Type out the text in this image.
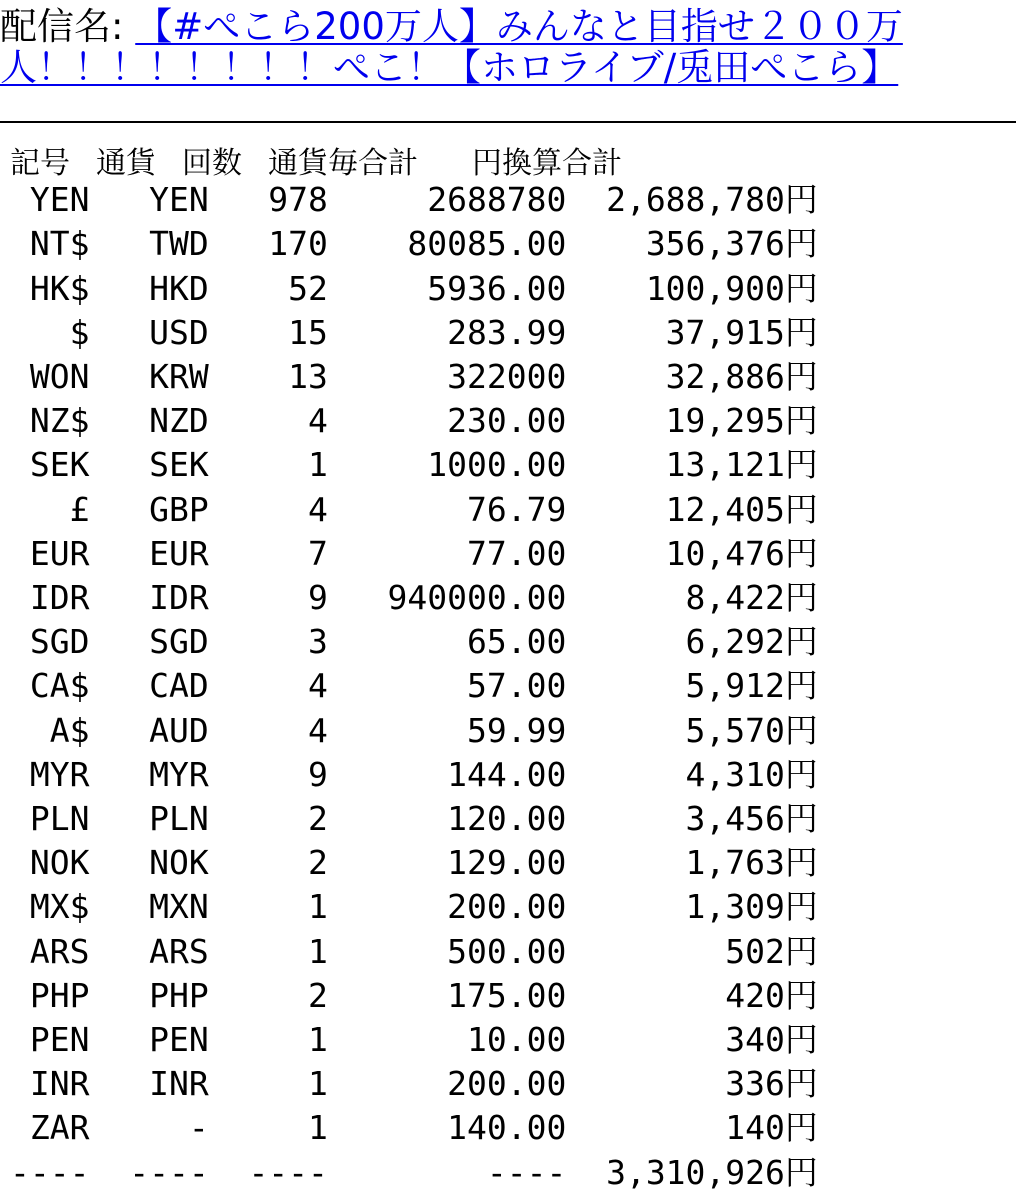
配信名: 【#ぺこら200万人】みんなと目指せ２００万人！！！！！！！！ぺこ！【ホロライブ/兎田ぺこら】
記号 通貨 回数 通貨毎合計 円換算合計

YEN   YEN   978     2688780  2,688,780円
NT$   TWD   170    80085.00    356,376円
HK$   HKD    52     5936.00    100,900円
$   USD    15      283.99     37,915円
WON   KRW    13      322000     32,886円
NZ$   NZD     4      230.00     19,295円
SEK   SEK     1     1000.00     13,121円
£   GBP     4       76.79     12,405円
EUR   EUR     7       77.00     10,476円
IDR   IDR     9   940000.00      8,422円
SGD   SGD     3       65.00      6,292円
CA$   CAD     4       57.00      5,912円
A$   AUD     4       59.99      5,570円
MYR   MYR     9      144.00      4,310円
PLN   PLN     2      120.00      3,456円
NOK   NOK     2      129.00      1,763円
MX$   MXN     1      200.00      1,309円
ARS   ARS     1      500.00        502円
PHP   PHP     2      175.00        420円
PEN   PEN     1       10.00        340円
INR   INR     1      200.00        336円
ZAR     -     1      140.00        140円
----  ----  ----        ----  3,310,926円
